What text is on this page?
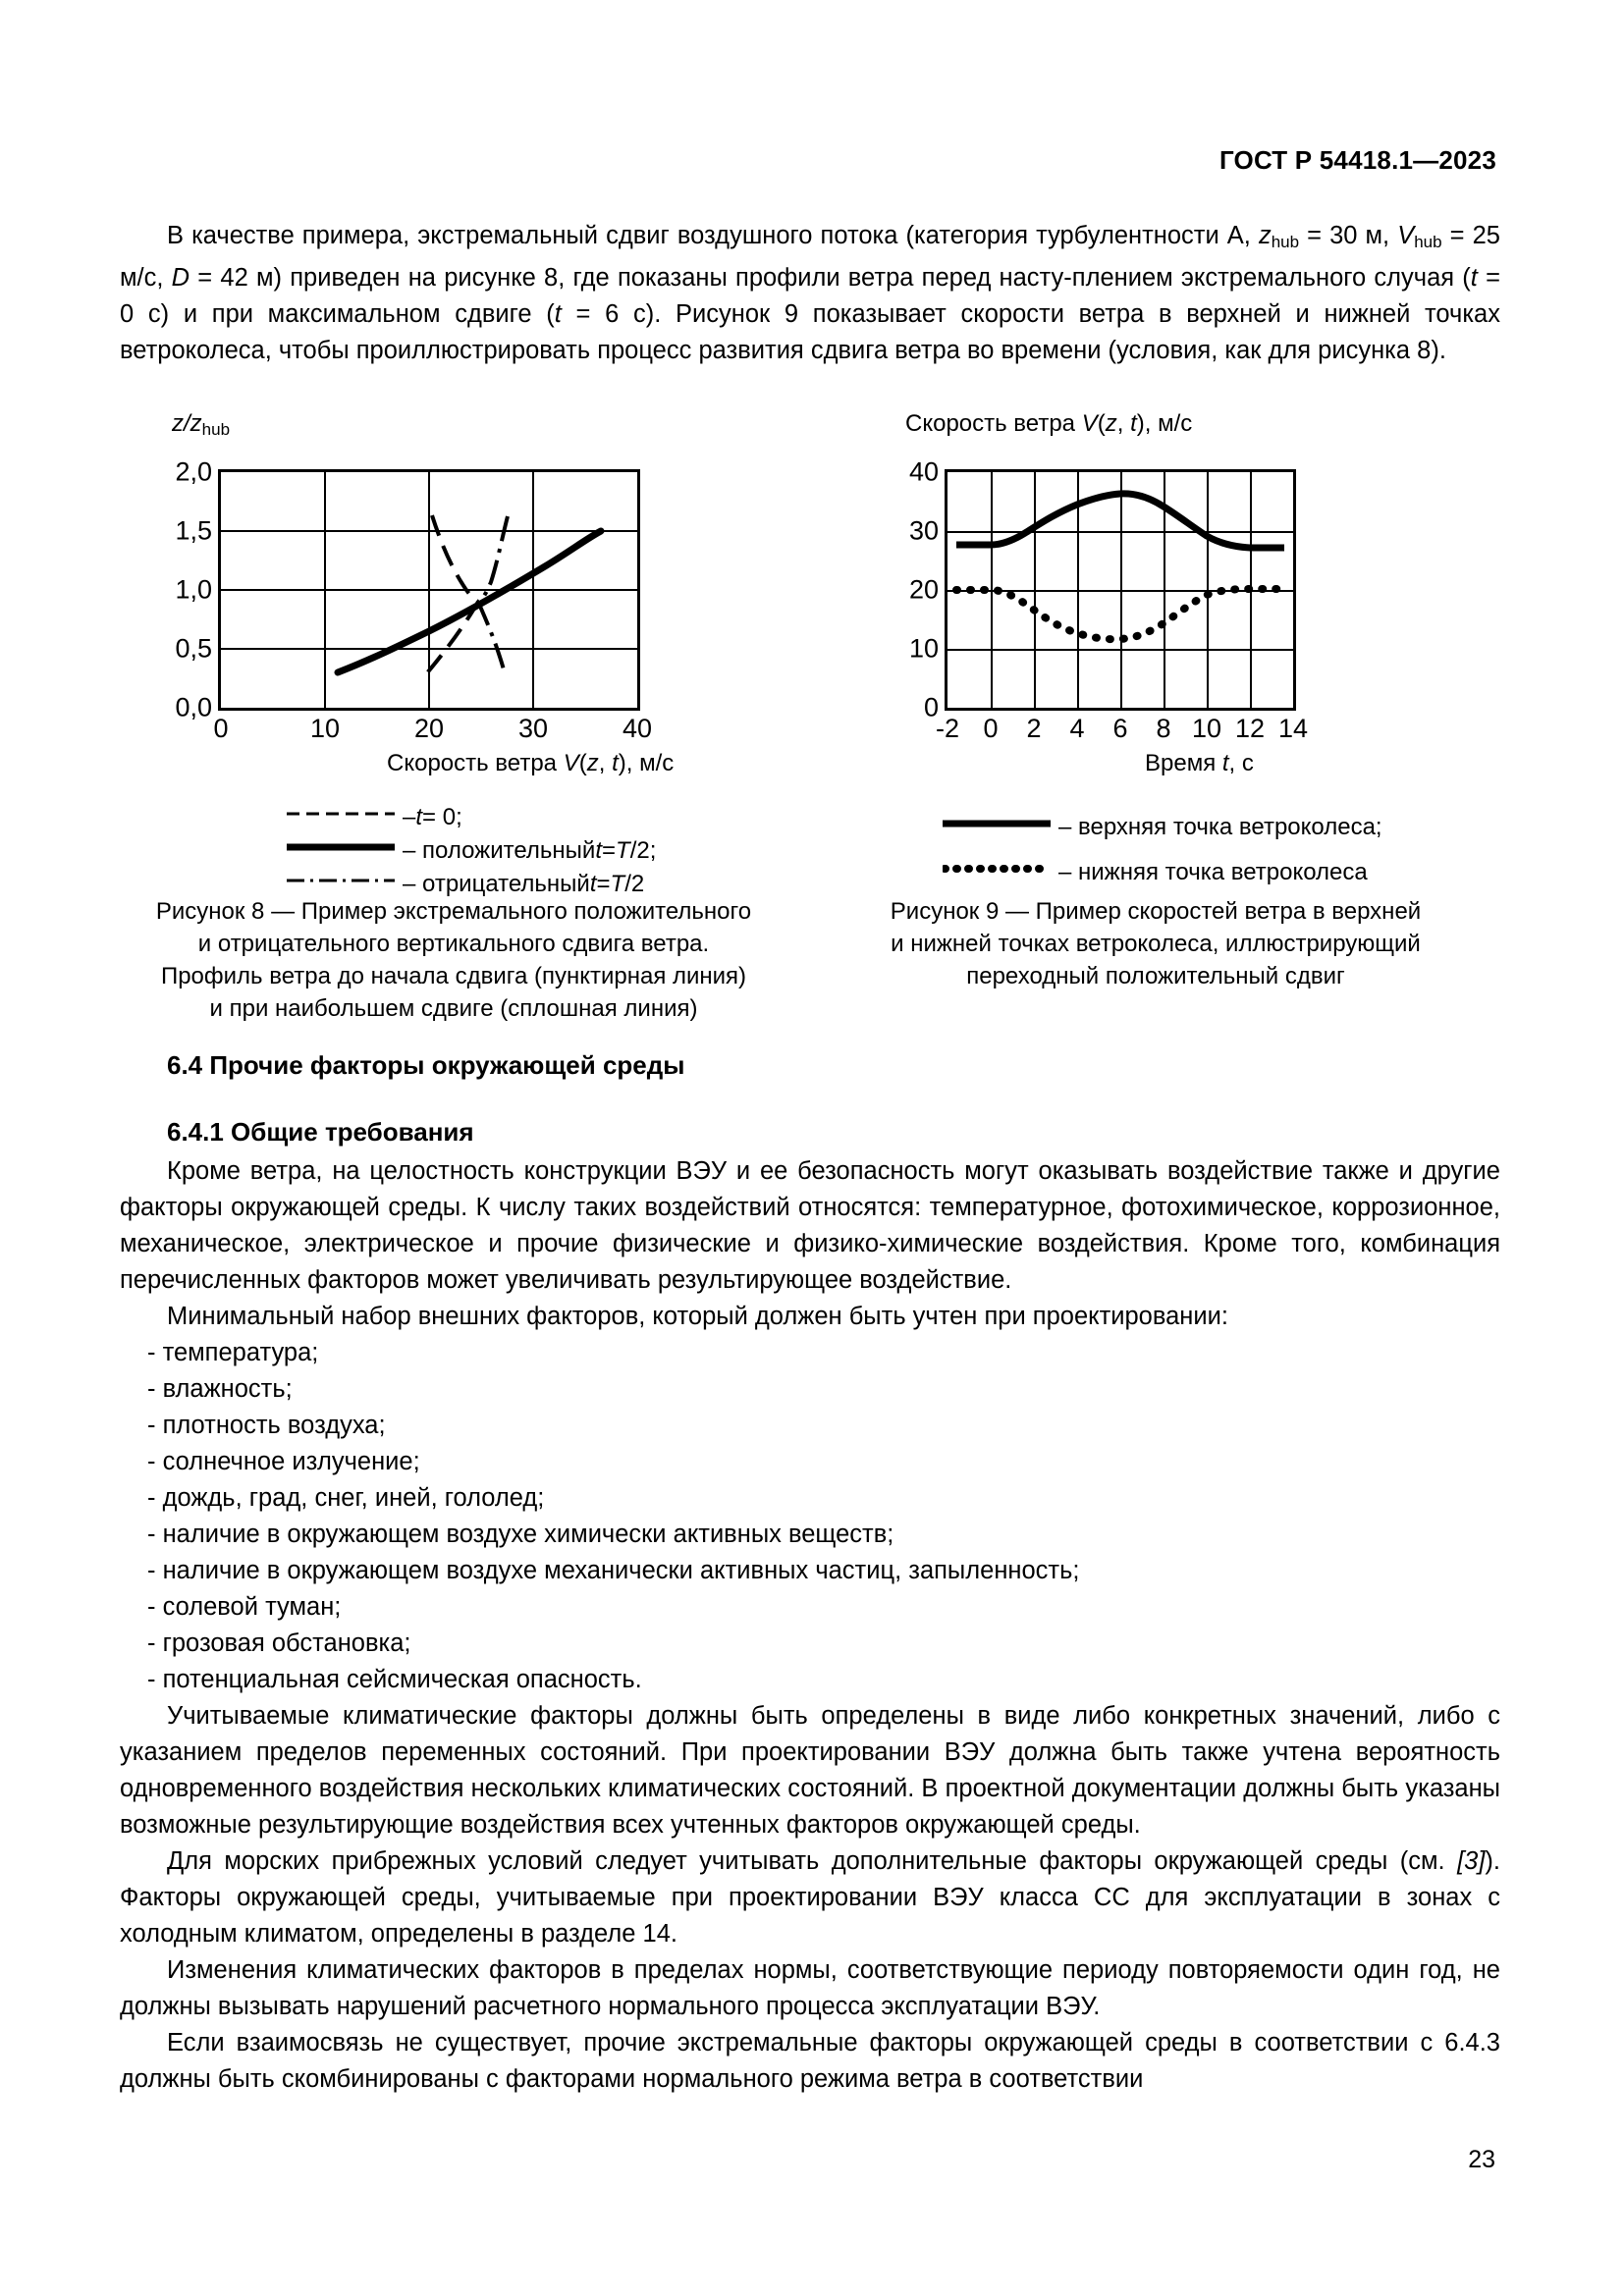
ГОСТ Р 54418.1—2023

В качестве примера, экстремальный сдвиг воздушного потока (категория турбулентности А, $z_{hub} = 30$ м, $V_{hub} = 25$ м/с, D = 42 м) приведен на рисунке 8, где показаны профили ветра перед насту-плением экстремального случая (t = 0 с) и при максимальном сдвиге (t = 6 с). Рисунок 9 показывает скорости ветра в верхней и нижней точках ветроколеса, чтобы проиллюстрировать процесс развития сдвига ветра во времени (условия, как для рисунка 8).

$z/z_{hub}$
2,0
1,5
1,0
0,5
0,0
0	10	20	30	40
Скорость ветра V(z, t), м/с
– t = 0;
– положительный t = T /2;
– отрицательный t = T /2
Рисунок 8 — Пример экстремального положительного
и отрицательного вертикального сдвига ветра.
Профиль ветра до начала сдвига (пунктирная линия)
и при наибольшем сдвиге (сплошная линия)
Скорость ветра V(z, t), м/с
40
30
20
10
0
-2 0 2 4 6 8 10 12 14
Время t, с
– верхняя точка ветроколеса;
– нижняя точка ветроколеса
Рисунок 9 — Пример скоростей ветра в верхней
и нижней точках ветроколеса, иллюстрирующий
переходный положительный сдвиг
6.4 Прочие факторы окружающей среды
6.4.1 Общие требования

Кроме ветра, на целостность конструкции ВЭУ и ее безопасность могут оказывать воздействие также и другие факторы окружающей среды. К числу таких воздействий относятся: температурное, фотохимическое, коррозионное, механическое, электрическое и прочие физические и физико-химические воздействия. Кроме того, комбинация перечисленных факторов может увеличивать результирующее воздействие.

Минимальный набор внешних факторов, который должен быть учтен при проектировании:

- температура;

- влажность;

- плотность воздуха;

- солнечное излучение;

- дождь, град, снег, иней, гололед;

- наличие в окружающем воздухе химически активных веществ;

- наличие в окружающем воздухе механически активных частиц, запыленность;

- солевой туман;

- грозовая обстановка;

- потенциальная сейсмическая опасность.

Учитываемые климатические факторы должны быть определены в виде либо конкретных значений, либо с указанием пределов переменных состояний. При проектировании ВЭУ должна быть также учтена вероятность одновременного воздействия нескольких климатических состояний. В проектной документации должны быть указаны возможные результирующие воздействия всех учтенных факторов окружающей среды.

Для морских прибрежных условий следует учитывать дополнительные факторы окружающей среды (см. [3]). Факторы окружающей среды, учитываемые при проектировании ВЭУ класса СС для эксплуатации в зонах с холодным климатом, определены в разделе 14.

Изменения климатических факторов в пределах нормы, соответствующие периоду повторяемости один год, не должны вызывать нарушений расчетного нормального процесса эксплуатации ВЭУ.

Если взаимосвязь не существует, прочие экстремальные факторы окружающей среды в соответствии с 6.4.3 должны быть скомбинированы с факторами нормального режима ветра в соответствии

23
